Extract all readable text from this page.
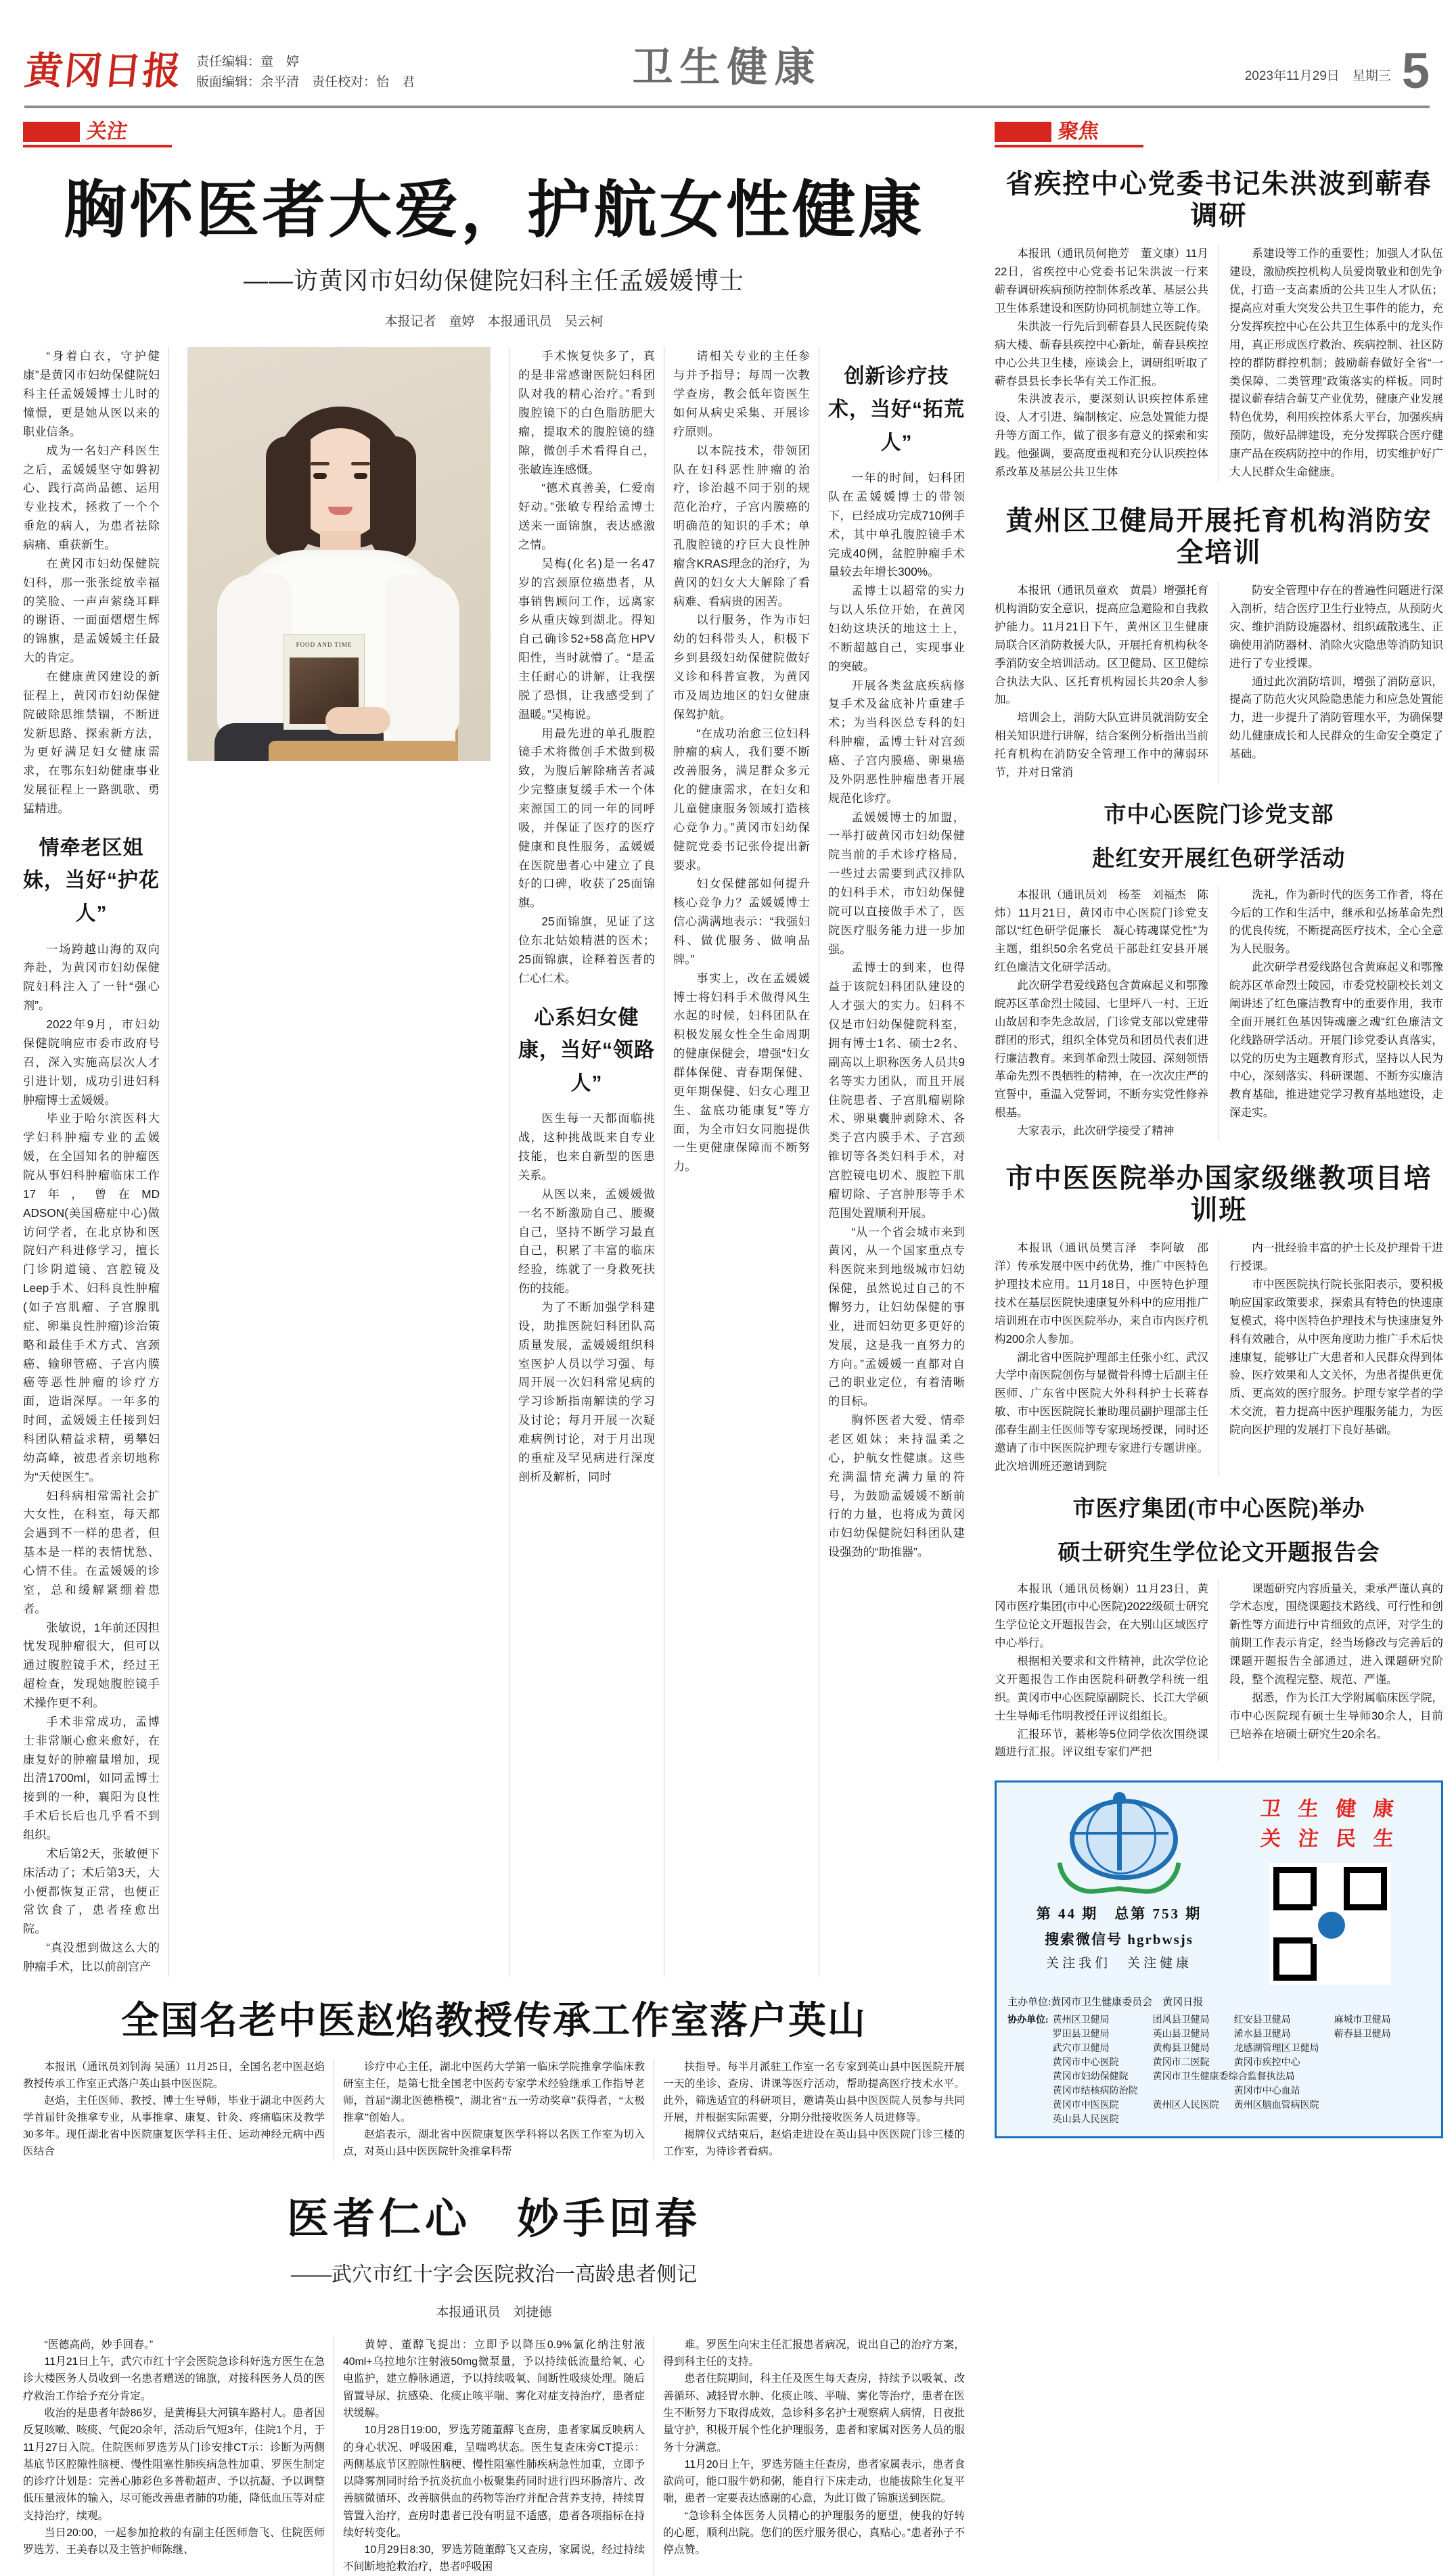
黄冈日报 责任编辑：童　婷
版面编辑：余平清　责任校对：怡　君	卫生健康	2023年11月29日　星期三 5
关注
胸怀医者大爱，护航女性健康
——访黄冈市妇幼保健院妇科主任孟媛媛博士
本报记者　童婷　本报通讯员　吴云柯

“身着白衣，守护健康”是黄冈市妇幼保健院妇科主任孟媛媛博士儿时的憧憬，更是她从医以来的职业信条。

成为一名妇产科医生之后，孟媛媛坚守如磐初心、践行高尚品德、运用专业技术，拯救了一个个垂危的病人，为患者祛除病痛、重获新生。

在黄冈市妇幼保健院妇科，那一张张绽放幸福的笑脸、一声声萦绕耳畔的谢语、一面面熠熠生辉的锦旗，是孟媛媛主任最大的肯定。

在健康黄冈建设的新征程上，黄冈市妇幼保健院破除思维禁锢，不断迸发新思路、探索新方法，为更好满足妇女健康需求，在鄂东妇幼健康事业发展征程上一路凯歌、勇猛精进。

情牵老区姐妹，当好“护花人”

一场跨越山海的双向奔赴，为黄冈市妇幼保健院妇科注入了一针“强心剂”。

2022年9月，市妇幼保健院响应市委市政府号召，深入实施高层次人才引进计划，成功引进妇科肿瘤博士孟媛媛。

毕业于哈尔滨医科大学妇科肿瘤专业的孟媛媛，在全国知名的肿瘤医院从事妇科肿瘤临床工作17年，曾在MD ADSON(美国癌症中心)做访问学者，在北京协和医院妇产科进修学习，擅长门诊阴道镜、宫腔镜及Leep手术、妇科良性肿瘤(如子宫肌瘤、子宫腺肌症、卵巢良性肿瘤)诊治策略和最佳手术方式、宫颈癌、输卵管癌、子宫内膜癌等恶性肿瘤的诊疗方面，造诣深厚。一年多的时间，孟媛媛主任接到妇科团队精益求精，勇攀妇幼高峰，被患者亲切地称为“天使医生”。

妇科病相常需社会扩大女性，在科室，每天都会遇到不一样的患者，但基本是一样的表情忧愁、心情不佳。在孟媛媛的诊室，总和缓解紧绷着患者。

张敏说，1年前还因担忧发现肿瘤很大，但可以通过腹腔镜手术，经过王超检查，发现她腹腔镜手术操作更不利。

手术非常成功，孟博士非常顺心愈来愈好，在康复好的肿瘤量增加，现出清1700ml，如同孟博士接到的一种，襄阳为良性手术后长后也几乎看不到组织。

术后第2天，张敏便下床活动了；术后第3天，大小便都恢复正常，也便正常饮食了，患者痊愈出院。

“真没想到做这么大的肿瘤手术，比以前剖宫产

FOOD AND TIME

手术恢复快多了，真的是非常感谢医院妇科团队对我的精心治疗。”看到腹腔镜下的白色脂肪肥大瘤，提取术的腹腔镜的缝隙，微创手术看得自己，张敏连连感慨。

“德术真善美，仁爱南好动。”张敏专程给孟博士送来一面锦旗，表达感激之情。

吴梅(化名)是一名47岁的宫颈原位癌患者，从事销售顾问工作，远离家乡从重庆嫁到湖北。得知自己确诊52+58高危HPV阳性，当时就懵了。“是孟主任耐心的讲解，让我摆脱了恐惧，让我感受到了温暖。”吴梅说。

用最先进的单孔腹腔镜手术将微创手术做到极致，为腹后解除痛苦者减少完整康复缓手术一个体来源国工的同一年的同呼吸，并保证了医疗的医疗健康和良性服务，孟媛媛在医院患者心中建立了良好的口碑，收获了25面锦旗。

25面锦旗，见证了这位东北姑娘精湛的医术；25面锦旗，诠释着医者的仁心仁术。

心系妇女健康，当好“领路人”

医生每一天都面临挑战，这种挑战既来自专业技能，也来自新型的医患关系。

从医以来，孟媛媛做一名不断激励自己、腰聚自己，坚持不断学习最直自己，积累了丰富的临床经验，练就了一身救死扶伤的技能。

为了不断加强学科建设，助推医院妇科团队高质量发展，孟媛媛组织科室医护人员以学习强、每周开展一次妇科常见病的学习诊断指南解读的学习及讨论；每月开展一次疑难病例讨论，对于月出现的重症及罕见病进行深度剖析及解析，同时

请相关专业的主任参与并予指导；每周一次教学查房，教会低年资医生如何从病史采集、开展诊疗原则。

以本院技术，带领团队在妇科恶性肿瘤的治疗，诊治越不同于别的规范化治疗，子宫内膜癌的明确范的知识的手术；单孔腹腔镜的疗巨大良性肿瘤含KRAS理念的治疗，为黄冈的妇女大大解除了看病难、看病贵的困苦。

以行服务，作为市妇幼的妇科带头人，积极下乡到县级妇幼保健院做好义诊和科普宣教，为黄冈市及周边地区的妇女健康保驾护航。

“在成功治愈三位妇科肿瘤的病人，我们要不断改善服务，满足群众多元化的健康需求，在妇女和儿童健康服务领域打造核心竞争力。”黄冈市妇幼保健院党委书记张伶提出新要求。

妇女保健部如何提升核心竞争力？孟媛媛博士信心满满地表示：“我强妇科、做优服务、做响品牌。”

事实上，改在孟媛媛博士将妇科手术做得风生水起的时候，妇科团队在积极发展女性全生命周期的健康保健会，增强“妇女群体保健、青春期保健、更年期保健、妇女心理卫生、盆底功能康复”等方面，为全市妇女同胞提供一生更健康保障而不断努力。

创新诊疗技术，当好“拓荒人”

一年的时间，妇科团队在孟媛媛博士的带领下，已经成功完成710例手术，其中单孔腹腔镜手术完成40例，盆腔肿瘤手术量较去年增长300%。

孟博士以超常的实力与以人乐位开始，在黄冈妇幼这块沃的地这土上，不断超越自己，实现事业的突破。

开展各类盆底疾病修复手术及盆底补片重建手术；为当科医总专科的妇科肿瘤，孟博士针对宫颈癌、子宫内膜癌、卵巢癌及外阴恶性肿瘤患者开展规范化诊疗。

孟媛媛博士的加盟，一举打破黄冈市妇幼保健院当前的手术诊疗格局，一些过去需要到武汉排队的妇科手术，市妇幼保健院可以直接做手术了，医院医疗服务能力进一步加强。

孟博士的到来，也得益于该院妇科团队建设的人才强大的实力。妇科不仅是市妇幼保健院科室，拥有博士1名、硕士2名、副高以上职称医务人员共9名等实力团队，而且开展住院患者、子宫肌瘤剔除术、卵巢囊肿剥除术、各类子宫内膜手术、子宫颈锥切等各类妇科手术，对宫腔镜电切术、腹腔下肌瘤切除、子宫肿形等手术范围处置顺利开展。

“从一个省会城市来到黄冈，从一个国家重点专科医院来到地级城市妇幼保健，虽然说过自己的不懈努力，让妇幼保健的事业，进而妇幼更多更好的发展，这是我一直努力的方向。”孟媛媛一直都对自己的职业定位，有着清晰的目标。

胸怀医者大爱、情牵老区姐妹；来持温柔之心，护航女性健康。这些充满温情充满力量的符号，为鼓励孟媛媛不断前行的力量，也将成为黄冈市妇幼保健院妇科团队建设强劲的“助推器”。

全国名老中医赵焰教授传承工作室落户英山

本报讯（通讯员刘钊海 吴涵）11月25日，全国名老中医赵焰教授传承工作室正式落户英山县中医医院。

赵焰，主任医师、教授、博士生导师，毕业于湖北中医药大学首届针灸推拿专业，从事推拿、康复、针灸、疼痛临床及教学30多年。现任湖北省中医院康复医学科主任、运动神经元病中西医结合

诊疗中心主任，湖北中医药大学第一临床学院推拿学临床教研室主任，是第七批全国老中医药专家学术经验继承工作指导老师，首届“湖北医德楷模”，湖北省“五一劳动奖章”获得者，“太极推拿”创始人。

赵焰表示，湖北省中医院康复医学科将以名医工作室为切入点，对英山县中医医院针灸推拿科帮

扶指导。每半月派驻工作室一名专家到英山县中医医院开展一天的坐诊、查房、讲课等医疗活动，帮助提高医疗技术水平。此外，筛选适宜的科研项目，邀请英山县中医医院人员参与共同开展，并根据实际需要，分期分批接收医务人员进修等。

揭牌仪式结束后，赵焰走进设在英山县中医医院门诊三楼的工作室，为待诊者看病。

医者仁心　妙手回春
——武穴市红十字会医院救治一高龄患者侧记
本报通讯员　刘捷德

“医德高尚，妙手回春。”

11月21日上午，武穴市红十字会医院急诊科好选方医生在急诊大楼医务人员收到一名患者赠送的锦旗，对接科医务人员的医疗救治工作给予充分肯定。

收治的是患者年龄86岁，是黄梅县大河镇车路村人。患者因反复咳嗽、咳痰、气促20余年，活动后气短3年，住院1个月，于11月27日入院。住院医师罗选芳从门诊安排CT示：诊断为两侧基底节区腔隙性脑梗、慢性阻塞性肺疾病急性加重、罗医生制定的诊疗计划是：完善心肺彩色多普勒超声、予以抗凝、予以调整低压量液体的输入，尽可能改善患者肺的功能，降低血压等对症支持治疗，续观。

当日20:00，一起参加抢救的有副主任医师詹飞、住院医师罗选芳、王美春以及主管护师陈继、

黄婷、董醇飞提出：立即予以降压0.9%氯化纳注射液40ml+乌拉地尔注射液50mg微泵量，予以持续低流量给氧、心电监护，建立静脉通道，予以持续吸氧、间断性吸痰处理。随后留置导尿、抗感染、化痰止咳平喘、雾化对症支持治疗，患者症状缓解。

10月28日19:00，罗选芳随董醇飞查房，患者家属反映病人的身心状况、呼吸困难，呈喘鸣状态。医生复查床旁CT提示：两侧基底节区腔隙性脑梗、慢性阻塞性肺疾病急性加重，立即予以降雾剂同时给予抗炎抗血小板聚集药同时进行四环肠溶片、改善脑微循环、改善脑供血的药物等治疗并配合营养支持，持续胃管置入治疗，查房时患者已没有明显不适感，患者各项指标在持续好转变化。

10月29日8:30，罗选芳随董醇飞又查房，家属说，经过持续不间断地抢救治疗，患者呼吸困

难。罗医生向宋主任汇报患者病况，说出自己的治疗方案，得到科主任的支持。

患者住院期间，科主任及医生每天查房，持续予以吸氧、改善循环、减轻胃水肿、化痰止咳、平喘、雾化等治疗，患者在医生不断努力下取得成效，急诊科多名护士观察病人病情，日夜批量守护，积极开展个性化护理服务，患者和家属对医务人员的服务十分满意。

11月20日上午，罗选芳随主任查房，患者家属表示，患者食欲尚可，能口服牛奶和粥，能自行下床走动，也能拔除生化复平喘，患者一定要表达感谢的心意，为此订做了锦旗送到医院。

“急诊科全体医务人员精心的护理服务的愿望，使我的好转的心愿，顺利出院。您们的医疗服务很心，真贴心。”患者孙子不停点赞。

聚焦
省疾控中心党委书记朱洪波到蕲春调研

本报讯（通讯员何艳芳　董文康）11月22日，省疾控中心党委书记朱洪波一行来蕲春调研疾病预防控制体系改革、基层公共卫生体系建设和医防协同机制建立等工作。

朱洪波一行先后到蕲春县人民医院传染病大楼、蕲春县疾控中心新址，蕲春县疾控中心公共卫生楼，座谈会上，调研组听取了蕲春县县长李长华有关工作汇报。

朱洪波表示，要深刻认识疾控体系建设、人才引进、编制核定、应急处置能力提升等方面工作，做了很多有意义的探索和实践。他强调，要高度重视和充分认识疾控体系改革及基层公共卫生体

系建设等工作的重要性；加强人才队伍建设，激励疾控机构人员爱岗敬业和创先争优，打造一支高素质的公共卫生人才队伍；提高应对重大突发公共卫生事件的能力，充分发挥疾控中心在公共卫生体系中的龙头作用，真正形成医疗救治、疾病控制、社区防控的群防群控机制；鼓励蕲春做好全省“一类保障、二类管理”政策落实的样板。同时提议蕲春结合蕲艾产业优势，健康产业发展特色优势，利用疾控体系大平台，加强疾病预防，做好品牌建设，充分发挥联合医疗健康产品在疾病防控中的作用，切实维护好广大人民群众生命健康。

黄州区卫健局开展托育机构消防安全培训

本报讯（通讯员童欢　黄晨）增强托育机构消防安全意识，提高应急避险和自我救护能力。11月21日下午，黄州区卫生健康局联合区消防救援大队，开展托育机构秋冬季消防安全培训活动。区卫健局、区卫健综合执法大队、区托育机构园长共20余人参加。

培训会上，消防大队宣讲员就消防安全相关知识进行讲解，结合案例分析指出当前托育机构在消防安全管理工作中的薄弱环节，并对日常消

防安全管理中存在的普遍性问题进行深入剖析，结合医疗卫生行业特点，从预防火灾、维护消防设施器材、组织疏散逃生、正确使用消防器材、消除火灾隐患等消防知识进行了专业授课。

通过此次消防培训，增强了消防意识，提高了防范火灾风险隐患能力和应急处置能力，进一步提升了消防管理水平，为确保婴幼儿健康成长和人民群众的生命安全奠定了基础。

市中心医院门诊党支部
赴红安开展红色研学活动

本报讯（通讯员刘　杨荃　刘福杰　陈炜）11月21日，黄冈市中心医院门诊党支部以“红色研学促廉长　凝心铸魂谋党性”为主题，组织50余名党员干部赴红安县开展红色廉洁文化研学活动。

此次研学君爱线路包含黄麻起义和鄂豫皖苏区革命烈士陵园、七里坪八一村、王近山故居和李先念故居，门诊党支部以党建带群团的形式，组织全体党员和团员代表们进行廉洁教育。来到革命烈士陵园、深刻领悟革命先烈不畏牺牲的精神，在一次次庄严的宣誓中，重温入党誓词，不断夯实党性修养根基。

大家表示，此次研学接受了精神

洗礼，作为新时代的医务工作者，将在今后的工作和生活中，继承和弘扬革命先烈的优良传统，不断提高医疗技术，全心全意为人民服务。

此次研学君爱线路包含黄麻起义和鄂豫皖苏区革命烈士陵园，市委党校副校长刘文阐讲述了红色廉洁教育中的重要作用，我市全面开展红色基因铸魂廉之魂“红色廉洁文化线路研学活动。开展门诊党委认真落实，以党的历史为主题教育形式，坚持以人民为中心，深刻落实、科研课题、不断夯实廉洁教育基础，推进建党学习教育基地建设，走深走实。

市中医医院举办国家级继教项目培训班

本报讯（通讯员樊言泽　李阿敏　邵洋）传承发展中医中药优势，推广中医特色护理技术应用。11月18日，中医特色护理技术在基层医院快速康复外科中的应用推广培训班在市中医医院举办，来自市内医疗机构200余人参加。

湖北省中医院护理部主任张小红、武汉大学中南医院创伤与显微骨科博士后副主任医师、广东省中医院大外科科护士长蒋春敏、市中医医院院长兼助理员副护理部主任邵春生副主任医师等专家现场授课，同时还邀请了市中医医院护理专家进行专题讲座。此次培训班还邀请到院

内一批经验丰富的护士长及护理骨干进行授课。

市中医医院执行院长张阳表示，要积极响应国家政策要求，探索具有特色的快速康复模式，将中医特色护理技术与快速康复外科有效融合，从中医角度助力推广手术后快速康复，能够让广大患者和人民群众得到体验、医疗效果和人文关怀，为患者提供更优质、更高效的医疗服务。护理专家学者的学术交流，着力提高中医护理服务能力，为医院向医护理的发展打下良好基础。

市医疗集团(市中心医院)举办
硕士研究生学位论文开题报告会

本报讯（通讯员杨娴）11月23日，黄冈市医疗集团(市中心医院)2022级硕士研究生学位论文开题报告会，在大别山区域医疗中心举行。

根据相关要求和文件精神，此次学位论文开题报告工作由医院科研教学科统一组织。黄冈市中心医院原副院长、长江大学硕士生导师毛伟明教授任评议组组长。

汇报环节，綦彬等5位同学依次围绕课题进行汇报。评议组专家们严把

课题研究内容质量关，秉承严谨认真的学术态度，围绕课题技术路线、可行性和创新性等方面进行中肯细致的点评，对学生的前期工作表示肯定，经当场修改与完善后的课题开题报告全部通过，进入课题研究阶段，整个流程完整、规范、严谨。

据悉，作为长江大学附属临床医学院，市中心医院现有硕士生导师30余人，目前已培养在培硕士研究生20余名。

第 44 期　总第 753 期
搜索微信号 hgrbwsjs
关注我们　关注健康
卫 生 健 康
关 注 民 生
主办单位:黄冈市卫生健康委员会　黄冈日报
协办单位:	黄州区卫健局	团风县卫健局	红安县卫健局	麻城市卫健局
	罗田县卫健局	英山县卫健局	浠水县卫健局	蕲春县卫健局
	武穴市卫健局	黄梅县卫健局	龙感湖管理区卫健局	
	黄冈市中心医院	黄冈市二医院	黄冈市疾控中心	
	黄冈市妇幼保健院	黄冈市卫生健康委综合监督执法局		
	黄冈市结核病防治院		黄冈市中心血站	
	黄冈市中医医院	黄州区人民医院	黄州区脑血管病医院	
	英山县人民医院			
